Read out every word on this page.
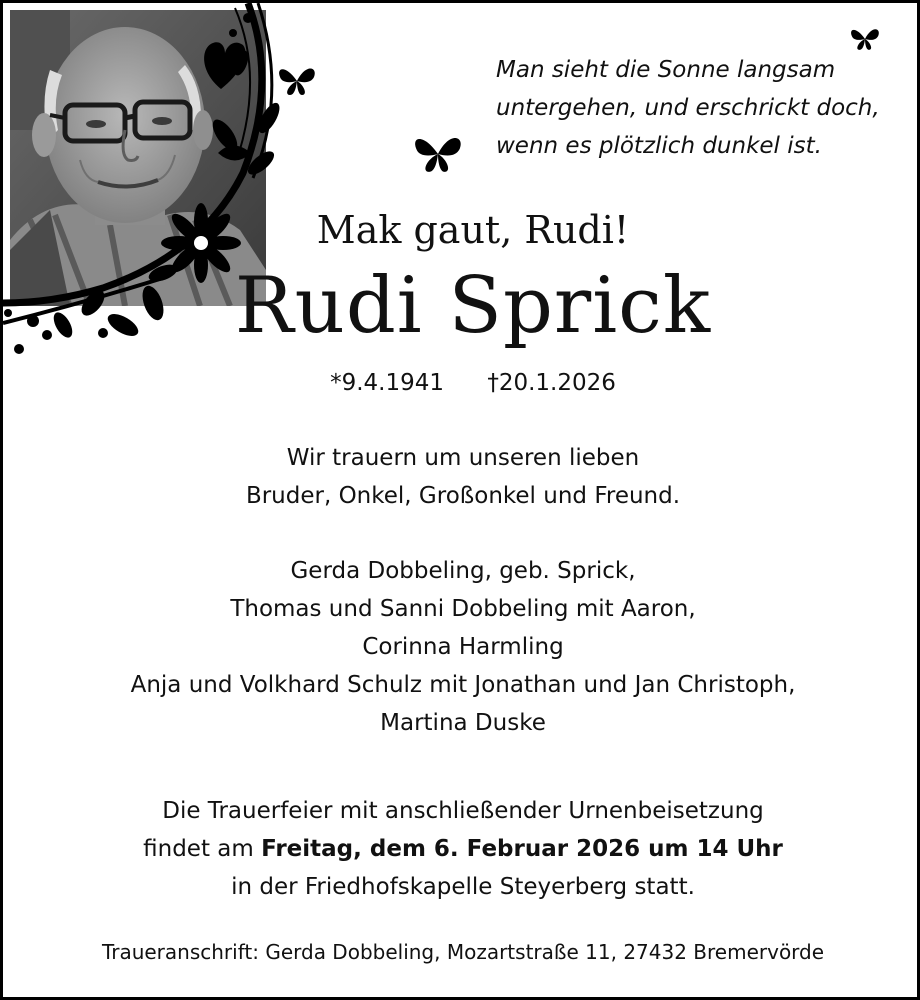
Man sieht die Sonne langsam
untergehen, und erschrickt doch,
wenn es plötzlich dunkel ist.
Mak gaut, Rudi!
Rudi Sprick
*9.4.1941 †20.1.2026
Wir trauern um unseren lieben
Bruder, Onkel, Großonkel und Freund.
Gerda Dobbeling, geb. Sprick,
Thomas und Sanni Dobbeling mit Aaron,
Corinna Harmling
Anja und Volkhard Schulz mit Jonathan und Jan Christoph,
Martina Duske
Die Trauerfeier mit anschließender Urnenbeisetzung
findet am Freitag, dem 6. Februar 2026 um 14 Uhr
in der Friedhofskapelle Steyerberg statt.
Traueranschrift: Gerda Dobbeling, Mozartstraße 11, 27432 Bremervörde
